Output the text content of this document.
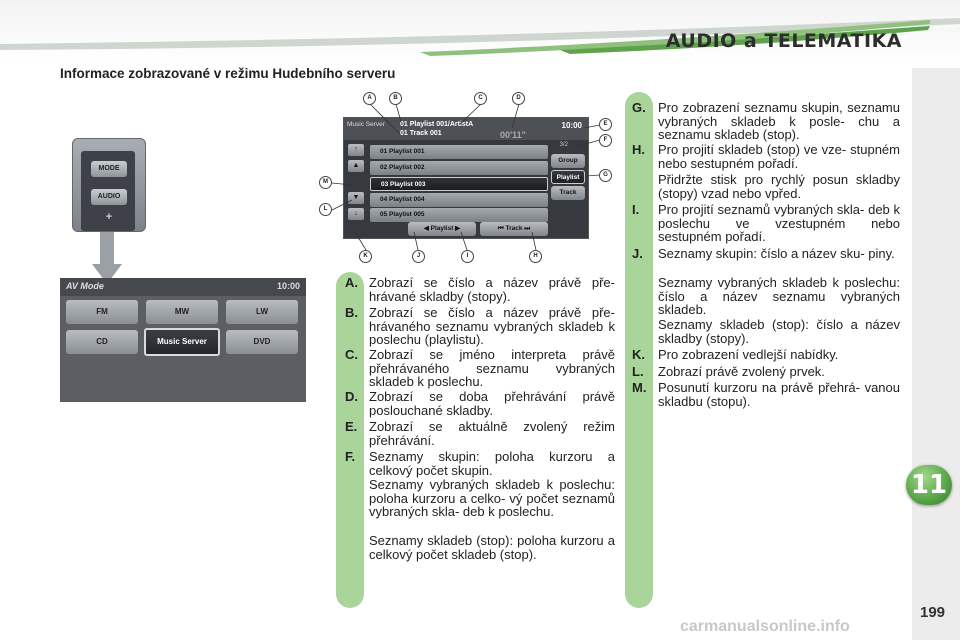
AUDIO a TELEMATIKA
Informace zobrazované v režimu Hudebního serveru
MODE
AUDIO
+
AV Mode	10:00
FM	MW	LW
CD	Music Server	DVD
Music Server 01 Playlist 001/ArtistA
01 Track 001
10:00
00'11"
3/2
↑
▲
▼
↓
01 Playlist 001
02 Playlist 002
03 Playlist 003
04 Playlist 004
05 Playlist 005
Group
Playlist
Track
◀ Playlist ▶	⏮ Track ⏭
A	B	C	D
E
F
G
H
I
J
K
L
M
A. Zobrazí se číslo a název právě pře- hrávané skladby (stopy).
B. Zobrazí se číslo a název právě pře- hrávaného seznamu vybraných skladeb k poslechu (playlistu).
C. Zobrazí se jméno interpreta právě přehrávaného seznamu vybraných skladeb k poslechu.
D. Zobrazí se doba přehrávání právě poslouchané skladby.
E. Zobrazí se aktuálně zvolený režim přehrávání.
F. Seznamy skupin: poloha kurzoru a celkový počet skupin.
Seznamy vybraných skladeb k poslechu: poloha kurzoru a celko- vý počet seznamů vybraných skla- deb k poslechu.
Seznamy skladeb (stop): poloha kurzoru a celkový počet skladeb (stop).
G. Pro zobrazení seznamu skupin, seznamu vybraných skladeb k posle- chu a seznamu skladeb (stop).
H. Pro projití skladeb (stop) ve vze- stupném nebo sestupném pořadí.
Přidržte stisk pro rychlý posun skladby (stopy) vzad nebo vpřed.
I. Pro projití seznamů vybraných skla- deb k poslechu ve vzestupném nebo sestupném pořadí.
J. Seznamy skupin: číslo a název sku- piny.
Seznamy vybraných skladeb k poslechu: číslo a název seznamu vybraných skladeb.
Seznamy skladeb (stop): číslo a název skladby (stopy).
K. Pro zobrazení vedlejší nabídky.
L. Zobrazí právě zvolený prvek.
M. Posunutí kurzoru na právě přehrá- vanou skladbu (stopu).
11
199
carmanualsonline.info
